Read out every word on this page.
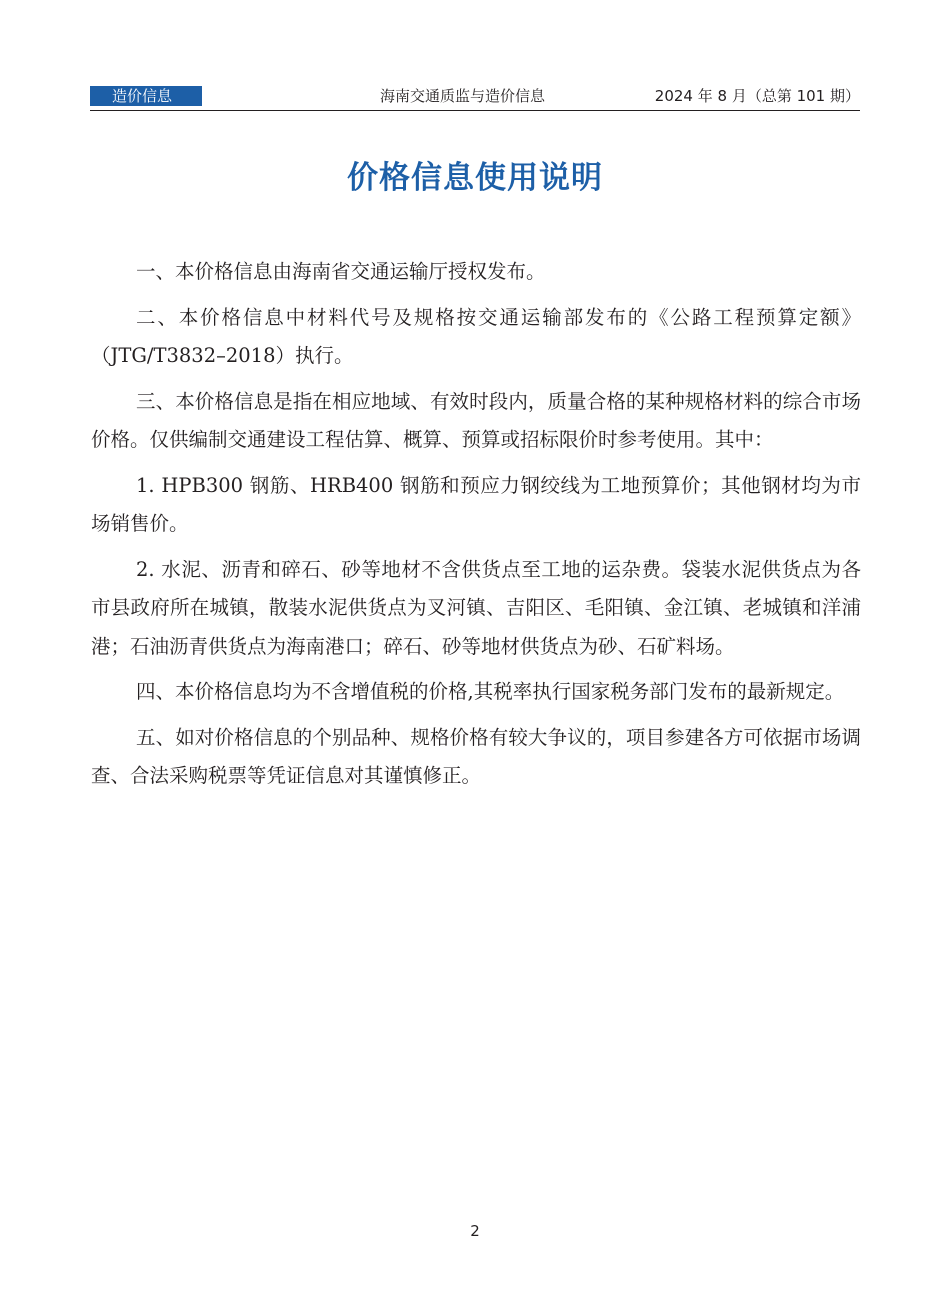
造价信息	海南交通质监与造价信息	2024 年 8 月（总第 101 期）
价格信息使用说明

一、本价格信息由海南省交通运输厅授权发布。

二、本价格信息中材料代号及规格按交通运输部发布的《公路工程预算定额》（JTG/T3832–2018）执行。

三、本价格信息是指在相应地域、有效时段内，质量合格的某种规格材料的综合市场价格。仅供编制交通建设工程估算、概算、预算或招标限价时参考使用。其中：

1. HPB300 钢筋、HRB400 钢筋和预应力钢绞线为工地预算价；其他钢材均为市场销售价。

2. 水泥、沥青和碎石、砂等地材不含供货点至工地的运杂费。袋装水泥供货点为各市县政府所在城镇，散装水泥供货点为叉河镇、吉阳区、毛阳镇、金江镇、老城镇和洋浦港；石油沥青供货点为海南港口；碎石、砂等地材供货点为砂、石矿料场。

四、本价格信息均为不含增值税的价格,其税率执行国家税务部门发布的最新规定。

五、如对价格信息的个别品种、规格价格有较大争议的，项目参建各方可依据市场调查、合法采购税票等凭证信息对其谨慎修正。

2
